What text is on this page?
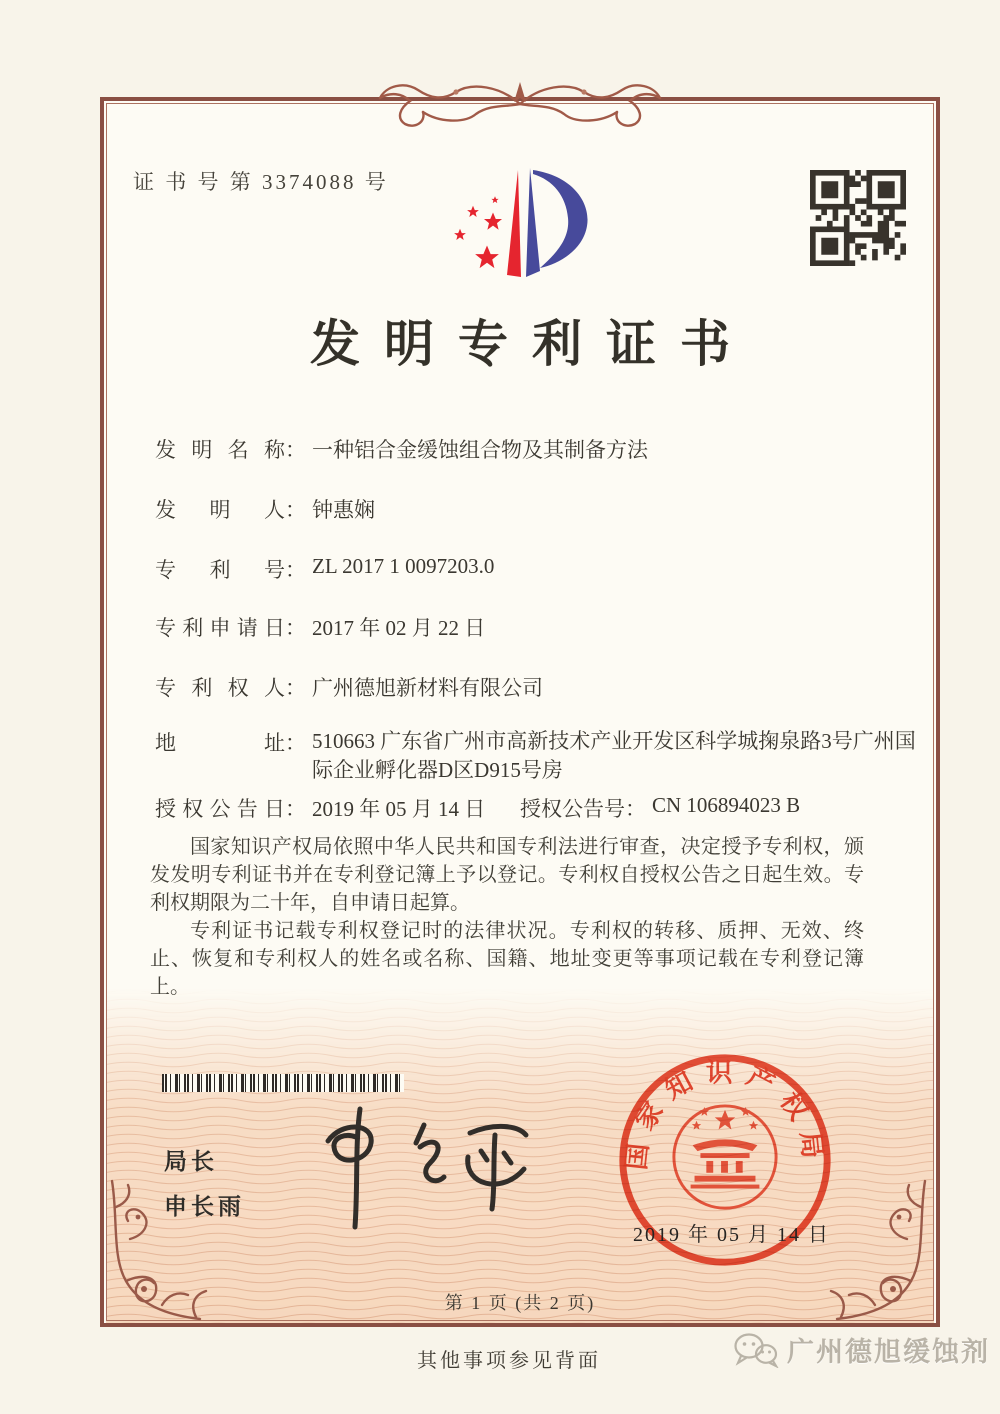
证 书 号 第 3374088 号
发明专利证书
发明名称： 一种铝合金缓蚀组合物及其制备方法
发明人： 钟惠娴
专利号： ZL 2017 1 0097203.0
专利申请日： 2017 年 02 月 22 日
专利权人： 广州德旭新材料有限公司
地址： 510663 广东省广州市高新技术产业开发区科学城掬泉路3号广州国际企业孵化器D区D915号房
授权公告日： 2019 年 05 月 14 日 授权公告号： CN 106894023 B

国家知识产权局依照中华人民共和国专利法进行审查，决定授予专利权，颁发发明专利证书并在专利登记簿上予以登记。专利权自授权公告之日起生效。专利权期限为二十年，自申请日起算。

专利证书记载专利权登记时的法律状况。专利权的转移、质押、无效、终止、恢复和专利权人的姓名或名称、国籍、地址变更等事项记载在专利登记簿上。

局长
申长雨
国家知识产权局
2019 年 05 月 14 日
第 1 页 (共 2 页)
其他事项参见背面	广州德旭缓蚀剂
